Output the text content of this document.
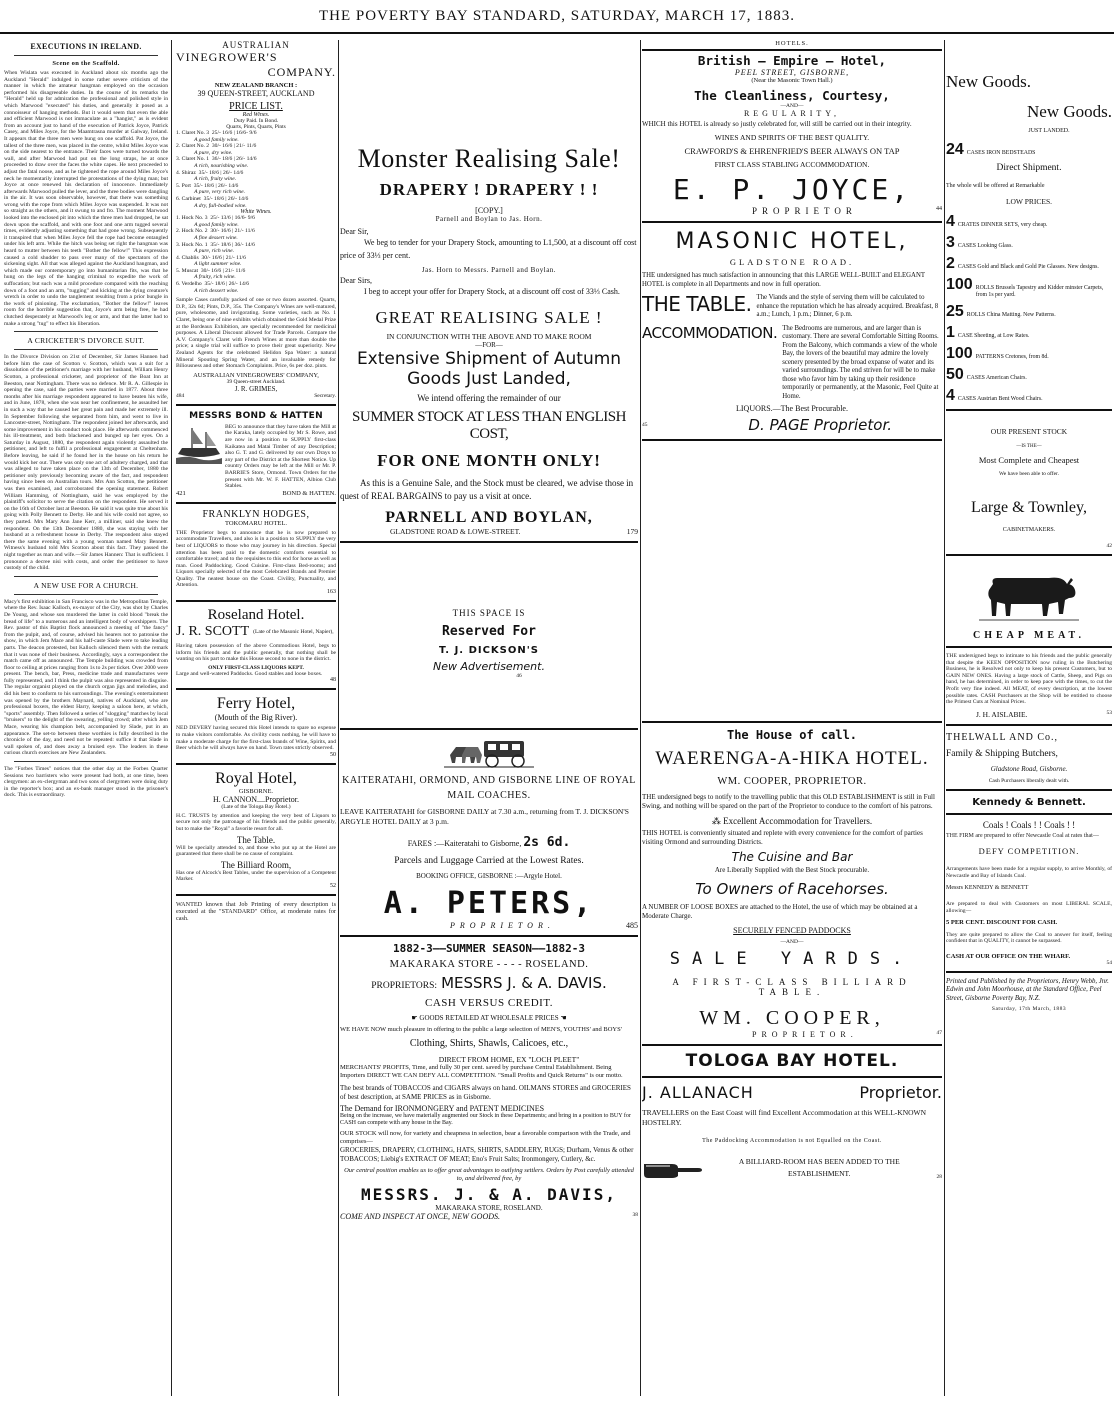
THE POVERTY BAY STANDARD, SATURDAY, MARCH 17, 1883.
EXECUTIONS IN IRELAND.
Scene on the Scaffold.
When Wislata was executed in Auckland about six months ago the Auckland "Herald" indulged in some rather severe criticism of the manner in which the amateur hangman employed on the occasion performed his disagreeable duties. In the course of its remarks the "Herald" held up for admiration the professional and polished style in which Marwood "executed" his duties, and generally it posed as a connoisseur of hanging methods. But it would seem that even the able and efficient Marwood is not immaculate as a "hangist," as is evident from an account just to hand of the execution of Patrick Joyce, Patrick Casey, and Miles Joyce, for the Maamtrasna murder at Galway, Ireland. It appears that the three men were hung on one scaffold. Pat Joyce, the tallest of the three men, was placed in the centre, whilst Miles Joyce was on the side nearest to the entrance. Their faces were turned towards the wall, and after Marwood had put on the long straps, he at once proceeded to draw over the faces the white capes. He next proceeded to adjust the fatal noose, and as he tightened the rope around Miles Joyce's neck he momentarily interrupted the protestations of the dying man; but Joyce at once renewed his declaration of innocence. Immediately afterwards Marwood pulled the lever, and the three bodies were dangling in the air. It was soon observable, however, that there was something wrong with the rope from which Miles Joyce was suspended. It was not so straight as the others, and it swung to and fro. The moment Marwood looked into the enclosed pit into which the three men had dropped, he sat down upon the scaffold, and with one foot and one arm tugged several times, evidently adjusting something that had gone wrong. Subsequently it transpired that when Miles Joyce fell the rope had become entangled under his left arm. While the hitch was being set right the hangman was heard to mutter between his teeth "Bother the fellow!" This expression caused a cold shudder to pass over many of the spectators of the sickening sight. All that was alleged against the Auckland hangman, and which made our contemporary go into humanitarian fits, was that he hung on the legs of the hanging criminal to expedite the work of suffocation; but such was a mild procedure compared with the reaching down of a foot and an arm, "tugging" and kicking at the dying creature's wretch in order to undo the tanglement resulting from a prior bungle in the work of pinioning. The exclamation, "Bother the fellow!" leaves room for the horrible suggestion that, Joyce's arm being free, he had clutched desperately at Marwood's leg or arm, and that the latter had to make a strong "tug" to effect his liberation.
A CRICKETER'S DIVORCE SUIT.
In the Divorce Division on 21st of December, Sir James Hannen had before him the case of Scotton v. Scotton, which was a suit for a dissolution of the petitioner's marriage with her husband, William Henry Scotton, a professional cricketer, and proprietor of the Boat Inn at Beeston, near Nottingham. There was no defence. Mr R. A. Gillespie in opening the case, said the parties were married in 1877. About three months after his marriage respondent appeared to have beaten his wife, and in June, 1878, when she was near her confinement, he assaulted her in such a way that he caused her great pain and made her extremely ill. In September following she separated from him, and went to live in Lancoster-street, Nottingham. The respondent joined her afterwards, and some improvement in his conduct took place. He afterwards commenced his ill-treatment, and both blackened and bunged up her eyes. On a Saturday in August, 1880, the respondent again violently assaulted the petitioner, and left to fulfil a professional engagement at Cheltenham. Before leaving, he said if he found her in the house on his return he would kick her out. There was only one act of adultery charged, and that was alleged to have taken place on the 13th of December, 1880 the petitioner only previously becoming aware of the fact, and respondent having since been on Australian tours. Mrs Ann Scotton, the petitioner was then examined, and corroborated the opening statement. Robert William Hamming, of Nottingham, said he was employed by the plaintiff's solicitor to serve the citation on the respondent. He served it on the 16th of October last at Beeston. He said it was quite true about his going with Polly Bennett to Derby. He and his wife could not agree, so they parted. Mrs Mary Ann Jane Kerr, a milliner, said she knew the respondent. On the 13th December 1880, she was staying with her husband at a refreshment house in Derby. The respondent also stayed there the same evening with a young woman named Mary Bennett. Witness's husband told Mrs Scotton about this fact. They passed the night together as man and wife.—Sir James Hannen: That is sufficient. I pronounce a decree nisi with costs, and order the petitioner to have custody of the child.
A NEW USE FOR A CHURCH.
Macy's first exhibition in San Francisco was in the Metropolitan Temple, where the Rev. Isaac Kalloch, ex-mayor of the City, was shot by Charles De Young, and whose son murdered the latter in cold blood "break the bread of life" to a numerous and an intelligent body of worshippers. The Rev. pastor of this Baptist flock announced a meeting of "the fancy" from the pulpit, and, of course, advised his hearers not to patronise the show, in which Jem Mace and his half-caste Slade were to take leading parts. The deacon protested, but Kalloch silenced them with the remark that it was none of their business. Accordingly, says a correspondent the match came off as announced. The Temple building was crowded from floor to ceiling at prices ranging from 1s to 2s per ticket. Over 2000 were present. The bench, bar, Press, medicine trade and manufactures were fully represented, and I think the pulpit was also represented in disguise. The regular organist played on the church organ jigs and melodies, and did his best to conform to his surroundings. The evening's entertainment was opened by the brothers Maynard, natives of Auckland, who are professional boxers, the eldest Harry, keeping a saloon here, at which, "sports" assembly. Then followed a series of "slogging" matches by local "bruisers" to the delight of the swearing, yelling crowd; after which Jem Mace, wearing his champion belt, accompanied by Slade, put in an appearance. The set-to between these worthies is fully described in the chronicle of the day, and need not be repeated: suffice it that Slade in wall spoken of, and does away a bruised eye. The leaders in these curious church exercises are New Zealanders.
The "Forbes Times" notices that the other day at the Forbes Quarter Sessions two barristers who were present had both, at one time, been clergymen: an ex-clergyman and two sons of clergymen were doing duty in the reporter's box; and an ex-bank manager stood in the prisoner's dock. This is extraordinary.
AUSTRALIAN
VINEGROWER'S
COMPANY.
NEW ZEALAND BRANCH :
39 QUEEN-STREET, AUCKLAND
PRICE LIST.
Red Wines.
Duty Paid. In Bond.
Quarts, Pints, Quarts, Pints
1. Claret No. 3  25/- 16/6 | 16/6- 9/6
A good family wine.
2. Claret No. 2  30/- 16/6 | 21/- 11/6
A pure, dry wine.
3. Claret No. 1  36/- 18/6 | 26/- 14/6
A rich, nourishing wine.
4. Shiraz  35/- 18/6 | 26/- 14/6
A rich, fruity wine.
5. Port  35/- 18/6 | 26/- 14/6
A pure, very rich wine.
6. Carbinet  35/- 18/6 | 26/- 14/6
A dry, full-bodied wine.
White Wines.
1. Hock No. 3  25/- 13/6 | 16/6- 9/6
A good family wine.
2. Hock No. 2  30/- 16/6 | 21/- 11/6
A fine dessert wine.
3. Hock No. 1  35/- 18/6 | 36/- 14/6
A pure, rich wine.
4. Chablis  30/- 16/6 | 21/- 11/6
A light summer wine.
5. Muscat  30/- 16/6 | 21/- 11/6
A fruity, rich wine.
6. Verdelho  35/- 18/6 | 26/- 14/6
A rich dessert wine.
Sample Cases carefully packed of one or two dozen assorted. Quarts, D.P., 32s 6d; Pints, D.P., 35s. The Company's Wines are well-matured, pure, wholesome, and invigorating. Some varieties, such as No. 1 Claret, being one of nine exhibits which obtained the Gold Medal Prize at the Bordeaux Exhibition, are specially recommended for medicinal purposes. A Liberal Discount allowed for Trade Parcels. Compare the A.V. Company's Claret with French Wines at more than double the price; a single trial will suffice to prove their great superiority. New Zealand Agents for the celebrated Helidon Spa Water: a natural Mineral Spouting Spring Water, and an invaluable remedy for Biliousness and other Stomach Complaints. Price, 6s per doz. pints.
AUSTRALIAN VINEGROWERS' COMPANY,
39 Queen-street Auckland.
J. R. GRIMES,
484	Secretary.
MESSRS BOND & HATTEN
BEG to announce that they have taken the Mill at the Karaka, lately occupied by Mr S. Rowe, and are now in a position to SUPPLY first-class Kaikatea and Matai Timber of any Description; also G. T. and G. delivered by our own Drays to any part of the District at the Shortest Notice. Up country Orders may be left at the Mill or Mr. P. BARRIE'S Store, Ormond. Town Orders for the present with Mr. W. F. HATTEN, Albion Club Stables.
421	BOND & HATTEN.
FRANKLYN HODGES,
TOKOMARU HOTEL.
THE Proprietor begs to announce that he is now prepared to accommodate Travellers, and also is in a position to SUPPLY the very best of LIQUORS to those who may journey in his direction. Special attention has been paid to the domestic comforts essential to comfortable travel; and to the requisites to this end for horse as well as man. Good Paddocking. Good Cuisine. First-class Bed-rooms; and Liquors specially selected of the most Celebrated Brands and Premier Quality. The neatest house on the Coast. Civility, Punctuality, and Attention.
163
Roseland Hotel.
J. R. SCOTT (Late of the Masonic Hotel, Napier),
Having taken possession of the above Commodious Hotel, begs to inform his friends and the public generally, that nothing shall be wanting on his part to make this House second to none in the district.
ONLY FIRST-CLASS LIQUORS KEPT.
Large and well-watered Paddocks. Good stables and loose boxes.
48
Ferry Hotel,
(Mouth of the Big River).
NED DEVERY having secured this Hotel intends to spare no expense to make visitors comfortable. As civility costs nothing, he will have to make a moderate charge for the first-class brands of Wine, Spirits, and Beer which he will always have on hand. Town rates strictly observed.
50
Royal Hotel,
GISBORNE.
H. CANNON....Proprietor.
(Late of the Tologa Bay Hotel.)
H.C. TRUSTS by attention and keeping the very best of Liquors to secure not only the patronage of his friends and the public generally, but to make the "Royal" a favorite resort for all.
The Table.
Will be specially attended to, and those who put up at the Hotel are guaranteed that there shall be no cause of complaint.
The Billiard Room,
Has one of Alcock's Best Tables, under the supervision of a Competent Marker.
52
WANTED known that Job Printing of every description is executed at the "STANDARD" Office, at moderate rates for cash.
Monster Realising Sale!
DRAPERY ! DRAPERY ! !
[COPY.]
Parnell and Boylan to Jas. Horn.
Dear Sir,
We beg to tender for your Drapery Stock, amounting to L1,500, at a discount off cost price of 33⅓ per cent.
Jas. Horn to Messrs. Parnell and Boylan.
Dear Sirs,
I beg to accept your offer for Drapery Stock, at a discount off cost of 33⅓ Cash.
GREAT REALISING SALE !
IN CONJUNCTION WITH THE ABOVE AND TO MAKE ROOM
—FOR—
Extensive Shipment of Autumn
Goods Just Landed,
We intend offering the remainder of our
SUMMER STOCK AT LESS THAN ENGLISH COST,
FOR ONE MONTH ONLY!
As this is a Genuine Sale, and the Stock must be cleared, we advise those in quest of REAL BARGAINS to pay us a visit at once.
PARNELL AND BOYLAN,
GLADSTONE ROAD & LOWE-STREET.	179
THIS SPACE IS
Reserved For
T. J. DICKSON'S
New Advertisement.
46
KAITERATAHI, ORMOND, AND GISBORNE LINE OF ROYAL MAIL COACHES.
LEAVE KAITERATAHI for GISBORNE DAILY at 7.30 a.m., returning from T. J. DICKSON'S ARGYLE HOTEL DAILY at 3 p.m.
FARES :—Kaiteratahi to Gisborne, 2s 6d.
Parcels and Luggage Carried at the Lowest Rates.
BOOKING OFFICE, GISBORNE :—Argyle Hotel.
A. PETERS,
PROPRIETOR.	485
1882-3——SUMMER SEASON——1882-3
MAKARAKA STORE - - - - ROSELAND.
PROPRIETORS: MESSRS J. & A. DAVIS.
CASH VERSUS CREDIT.
☛ GOODS RETAILED AT WHOLESALE PRICES ☚
WE HAVE NOW much pleasure in offering to the public a large selection of MEN'S, YOUTHS' and BOYS'
Clothing, Shirts, Shawls, Calicoes, etc.,
DIRECT FROM HOME, EX "LOCH PLEET"
MERCHANTS' PROFITS, Time, and fully 30 per cent. saved by purchase Central Establishment. Being Importers DIRECT WE CAN DEFY ALL COMPETITION. "Small Profits and Quick Returns" is our motto.
The best brands of TOBACCOS and CIGARS always on hand. OILMANS STORES and GROCERIES of best description, at SAME PRICES as in Gisborne.
The Demand for IRONMONGERY and PATENT MEDICINES
Being on the increase, we have materially augmented our Stock in these Departments; and bring in a position to BUY for CASH can compete with any house in the Bay.
OUR STOCK will now, for variety and cheapness in selection, bear a favorable comparison with the Trade, and comprises—
GROCERIES, DRAPERY, CLOTHING, HATS, SHIRTS, SADDLERY, RUGS; Durham, Venus & other TOBACCOS; Liebig's EXTRACT OF MEAT; Eno's Fruit Salts; Ironmongery, Cutlery, &c.
Our central position enables us to offer great advantages to outlying settlers. Orders by Post carefully attended to, and delivered free, by
MESSRS. J. & A. DAVIS,
MAKARAKA STORE, ROSELAND.
COME AND INSPECT AT ONCE, NEW GOODS.	38
HOTELS.
British — Empire — Hotel,
PEEL STREET, GISBORNE,
(Near the Masonic Town Hall.)
The Cleanliness, Courtesy,
—AND—
REGULARITY,
WHICH this HOTEL is already so justly celebrated for, will still be carried out in their integrity.
WINES AND SPIRITS OF THE BEST QUALITY.
CRAWFORD'S & EHRENFRIED'S BEER ALWAYS ON TAP
FIRST CLASS STABLING ACCOMMODATION.
E. P. JOYCE,
PROPRIETOR	44
MASONIC HOTEL,
GLADSTONE ROAD.
THE undersigned has much satisfaction in announcing that this LARGE WELL-BUILT and ELEGANT HOTEL is complete in all Departments and now in full operation.
THE TABLE. The Viands and the style of serving them will be calculated to enhance the reputation which he has already acquired. Breakfast, 8 a.m.; Lunch, 1 p.m.; Dinner, 6 p.m.
ACCOMMODATION. The Bedrooms are numerous, and are larger than is customary. There are several Comfortable Sitting Rooms. From the Balcony, which commands a view of the whole Bay, the lovers of the beautiful may admire the lovely scenery presented by the broad expanse of water and its varied surroundings. The end striven for will be to make those who favor him by taking up their residence temporarily or permanently, at the Masonic, Feel Quite at Home.
LIQUORS.—The Best Procurable.
45	D. PAGE Proprietor.
The House of call.
WAERENGA-A-HIKA HOTEL.
WM. COOPER, PROPRIETOR.
THE undersigned begs to notify to the travelling public that this OLD ESTABLISHMENT is still in Full Swing, and nothing will be spared on the part of the Proprietor to conduce to the comfort of his patrons.
⁂ Excellent Accommodation for Travellers.
THIS HOTEL is conveniently situated and replete with every convenience for the comfort of parties visiting Ormond and surrounding Districts.
The Cuisine and Bar
Are Liberally Supplied with the Best Stock procurable.
To Owners of Racehorses.
A NUMBER OF LOOSE BOXES are attached to the Hotel, the use of which may be obtained at a Moderate Charge.
SECURELY FENCED PADDOCKS
—AND—
SALE YARDS.
A FIRST-CLASS BILLIARD TABLE.
WM. COOPER,
PROPRIETOR.	47
TOLOGA BAY HOTEL.
J. ALLANACH	Proprietor.
TRAVELLERS on the East Coast will find Excellent Accommodation at this WELL-KNOWN HOSTELRY.
The Paddocking Accommodation is not Equalled on the Coast.
A BILLIARD-ROOM HAS BEEN ADDED TO THE ESTABLISHMENT.	28
New Goods.
New Goods.
JUST LANDED.
24 CASES IRON BEDSTEADS
Direct Shipment.
The whole will be offered at Remarkable
LOW PRICES.
4 CRATES DINNER SETS, very cheap.
3 CASES Looking Glass.
2 CASES Gold and Black and Gold Pie Glasses. New designs.
100 ROLLS Brussels Tapestry and Kidder minster Carpets, from 1s per yard.
25 ROLLS China Matting. New Patterns.
1 CASE Sheeting, at Low Rates.
100 PATTERNS Cretones, from 8d.
50 CASES American Chairs.
4 CASES Austrian Bent Wood Chairs.
OUR PRESENT STOCK
—IS THE—
Most Complete and Cheapest
We have been able to offer.
Large & Townley,
CABINETMAKERS.
42
CHEAP MEAT.
THE undersigned begs to intimate to his friends and the public generally that despite the KEEN OPPOSITION now ruling in the Butchering Business, he is Resolved not only to keep his present Customers, but to GAIN NEW ONES. Having a large stock of Cattle, Sheep, and Pigs on hand, he has determined, in order to keep pace with the times, to cut the Profit very fine indeed. All MEAT, of every description, at the lowest possible rates. CASH Purchasers at the Shop will be entitled to choose the Primest Cuts at Nominal Prices.
J. H. AISLABIE.	53
THELWALL AND Co.,
Family & Shipping Butchers,
Gladstone Road, Gisborne.
Cash Purchasers liberally dealt with.
Kennedy & Bennett.
Coals ! Coals ! ! Coals ! !
THE FIRM are prepared to offer Newcastle Coal at rates that—
DEFY COMPETITION.
Arrangements have been made for a regular supply, to arrive Monthly, of Newcastle and Bay of Islands Coal.
Messrs KENNEDY & BENNETT
Are prepared to deal with Customers on most LIBERAL SCALE, allowing—
5 PER CENT. DISCOUNT FOR CASH.
They are quite prepared to allow the Coal to answer for itself, feeling confident that in QUALITY, it cannot be surpassed.
CASH AT OUR OFFICE ON THE WHARF.
54
Printed and Published by the Proprietors, Henry Webb, Jnr. Edwin and John Moorhouse, at the Standard Office, Peel Street, Gisborne Poverty Bay, N.Z.
Saturday, 17th March, 1883
